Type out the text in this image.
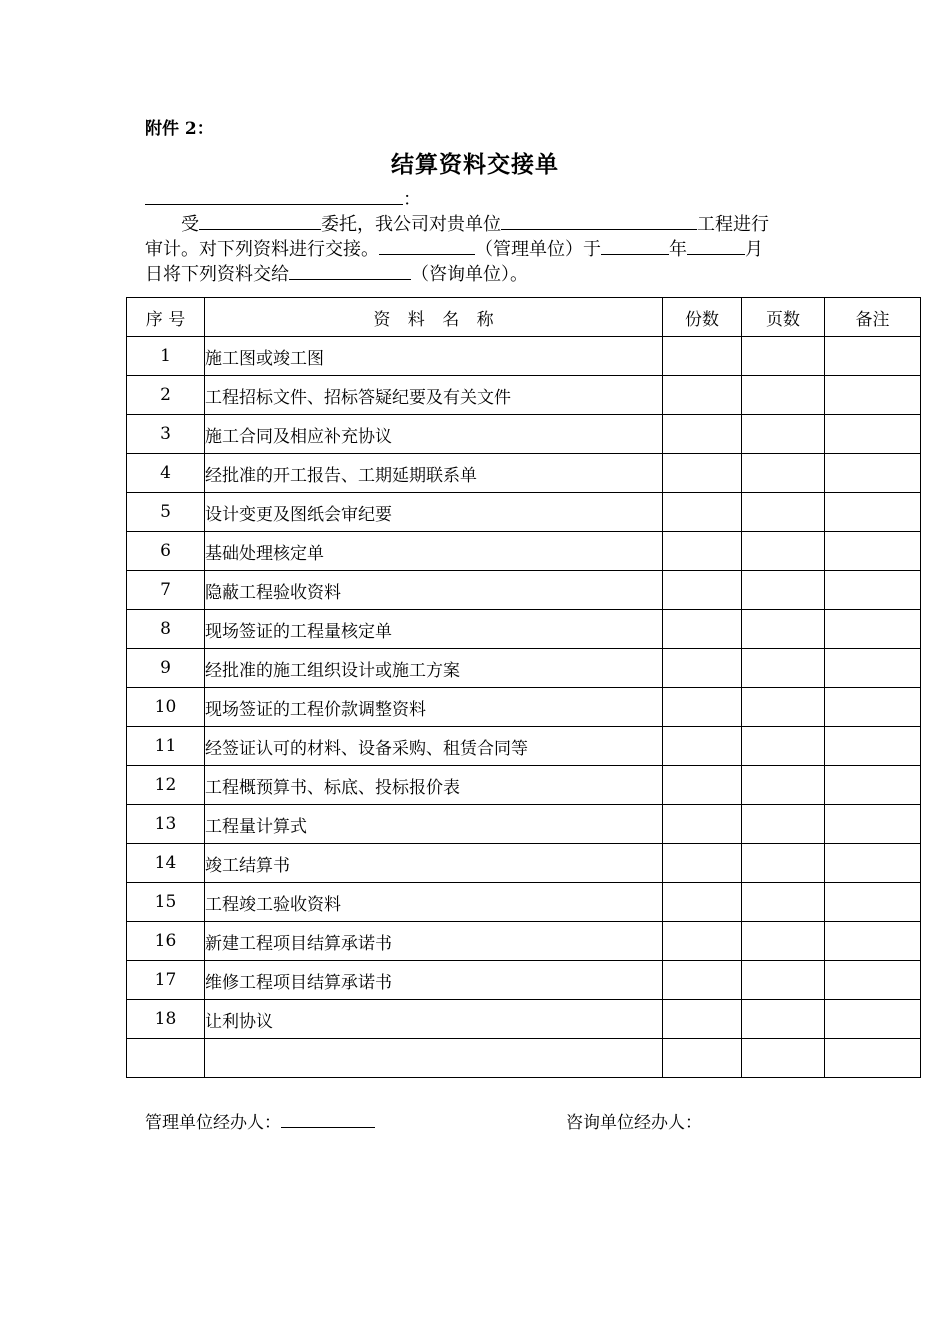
附件 2：
结算资料交接单
：
受	委托，我公司对贵单位	工程进行
审计。对下列资料进行交接。	（管理单位）于	年	月
日将下列资料交给	（咨询单位）。
序 号	资 料 名 称	份数	页数	备注
1	施工图或竣工图			
2	工程招标文件、招标答疑纪要及有关文件			
3	施工合同及相应补充协议			
4	经批准的开工报告、工期延期联系单			
5	设计变更及图纸会审纪要			
6	基础处理核定单			
7	隐蔽工程验收资料			
8	现场签证的工程量核定单			
9	经批准的施工组织设计或施工方案			
10	现场签证的工程价款调整资料			
11	经签证认可的材料、设备采购、租赁合同等			
12	工程概预算书、标底、投标报价表			
13	工程量计算式			
14	竣工结算书			
15	工程竣工验收资料			
16	新建工程项目结算承诺书			
17	维修工程项目结算承诺书			
18	让利协议			

管理单位经办人：	咨询单位经办人：
